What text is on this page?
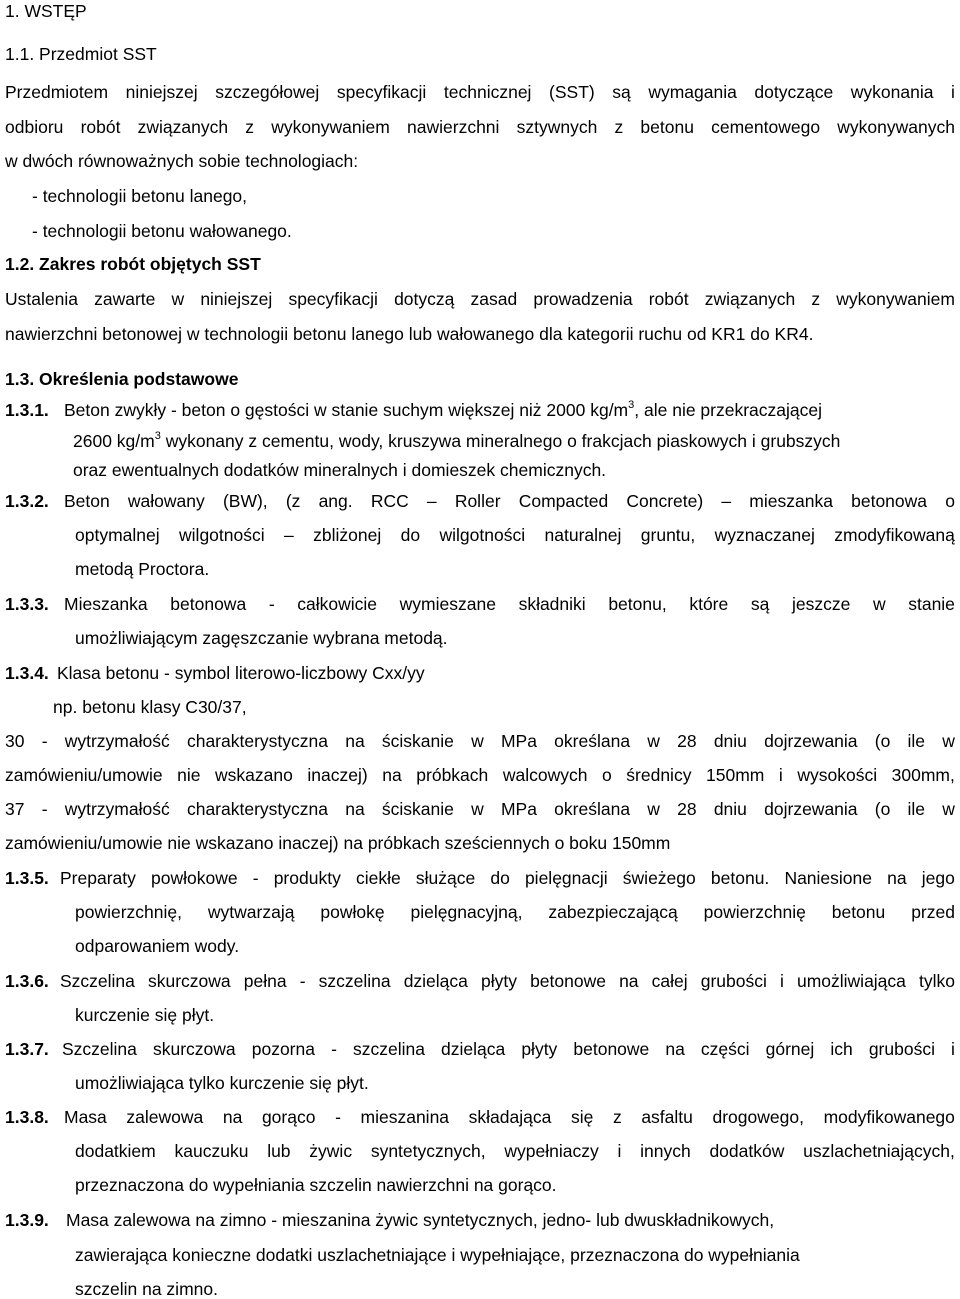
1. WSTĘP
1.1. Przedmiot SST
Przedmiotem niniejszej szczegółowej specyfikacji technicznej (SST) są wymagania dotyczące wykonania i
odbioru robót związanych z wykonywaniem nawierzchni sztywnych z betonu cementowego wykonywanych
w dwóch równoważnych sobie technologiach:
- technologii betonu lanego,
- technologii betonu wałowanego.
1.2. Zakres robót objętych SST
Ustalenia zawarte w niniejszej specyfikacji dotyczą zasad prowadzenia robót związanych z wykonywaniem
nawierzchni betonowej w technologii betonu lanego lub wałowanego dla kategorii ruchu od KR1 do KR4.
1.3. Określenia podstawowe
1.3.1. Beton zwykły - beton o gęstości w stanie suchym większej niż 2000 $kg/m^3$, ale nie przekraczającej
2600 $kg/m^3$ wykonany z cementu, wody, kruszywa mineralnego o frakcjach piaskowych i grubszych
oraz ewentualnych dodatków mineralnych i domieszek chemicznych.
1.3.2. Beton wałowany (BW), (z ang. RCC – Roller Compacted Concrete) – mieszanka betonowa o
optymalnej wilgotności – zbliżonej do wilgotności naturalnej gruntu, wyznaczanej zmodyfikowaną
metodą Proctora.
1.3.3. Mieszanka betonowa - całkowicie wymieszane składniki betonu, które są jeszcze w stanie
umożliwiającym zagęszczanie wybrana metodą.
1.3.4. Klasa betonu - symbol literowo-liczbowy Cxx/yy
np. betonu klasy C30/37,
30 - wytrzymałość charakterystyczna na ściskanie w MPa określana w 28 dniu dojrzewania (o ile w
zamówieniu/umowie nie wskazano inaczej) na próbkach walcowych o średnicy 150mm i wysokości 300mm,
37 - wytrzymałość charakterystyczna na ściskanie w MPa określana w 28 dniu dojrzewania (o ile w
zamówieniu/umowie nie wskazano inaczej) na próbkach sześciennych o boku 150mm
1.3.5. Preparaty powłokowe - produkty ciekłe służące do pielęgnacji świeżego betonu. Naniesione na jego
powierzchnię, wytwarzają powłokę pielęgnacyjną, zabezpieczającą powierzchnię betonu przed
odparowaniem wody.
1.3.6. Szczelina skurczowa pełna - szczelina dzieląca płyty betonowe na całej grubości i umożliwiająca tylko
kurczenie się płyt.
1.3.7. Szczelina skurczowa pozorna - szczelina dzieląca płyty betonowe na części górnej ich grubości i
umożliwiająca tylko kurczenie się płyt.
1.3.8. Masa zalewowa na gorąco - mieszanina składająca się z asfaltu drogowego, modyfikowanego
dodatkiem kauczuku lub żywic syntetycznych, wypełniaczy i innych dodatków uszlachetniających,
przeznaczona do wypełniania szczelin nawierzchni na gorąco.
1.3.9. Masa zalewowa na zimno - mieszanina żywic syntetycznych, jedno- lub dwuskładnikowych,
zawierająca konieczne dodatki uszlachetniające i wypełniające, przeznaczona do wypełniania
szczelin na zimno.
